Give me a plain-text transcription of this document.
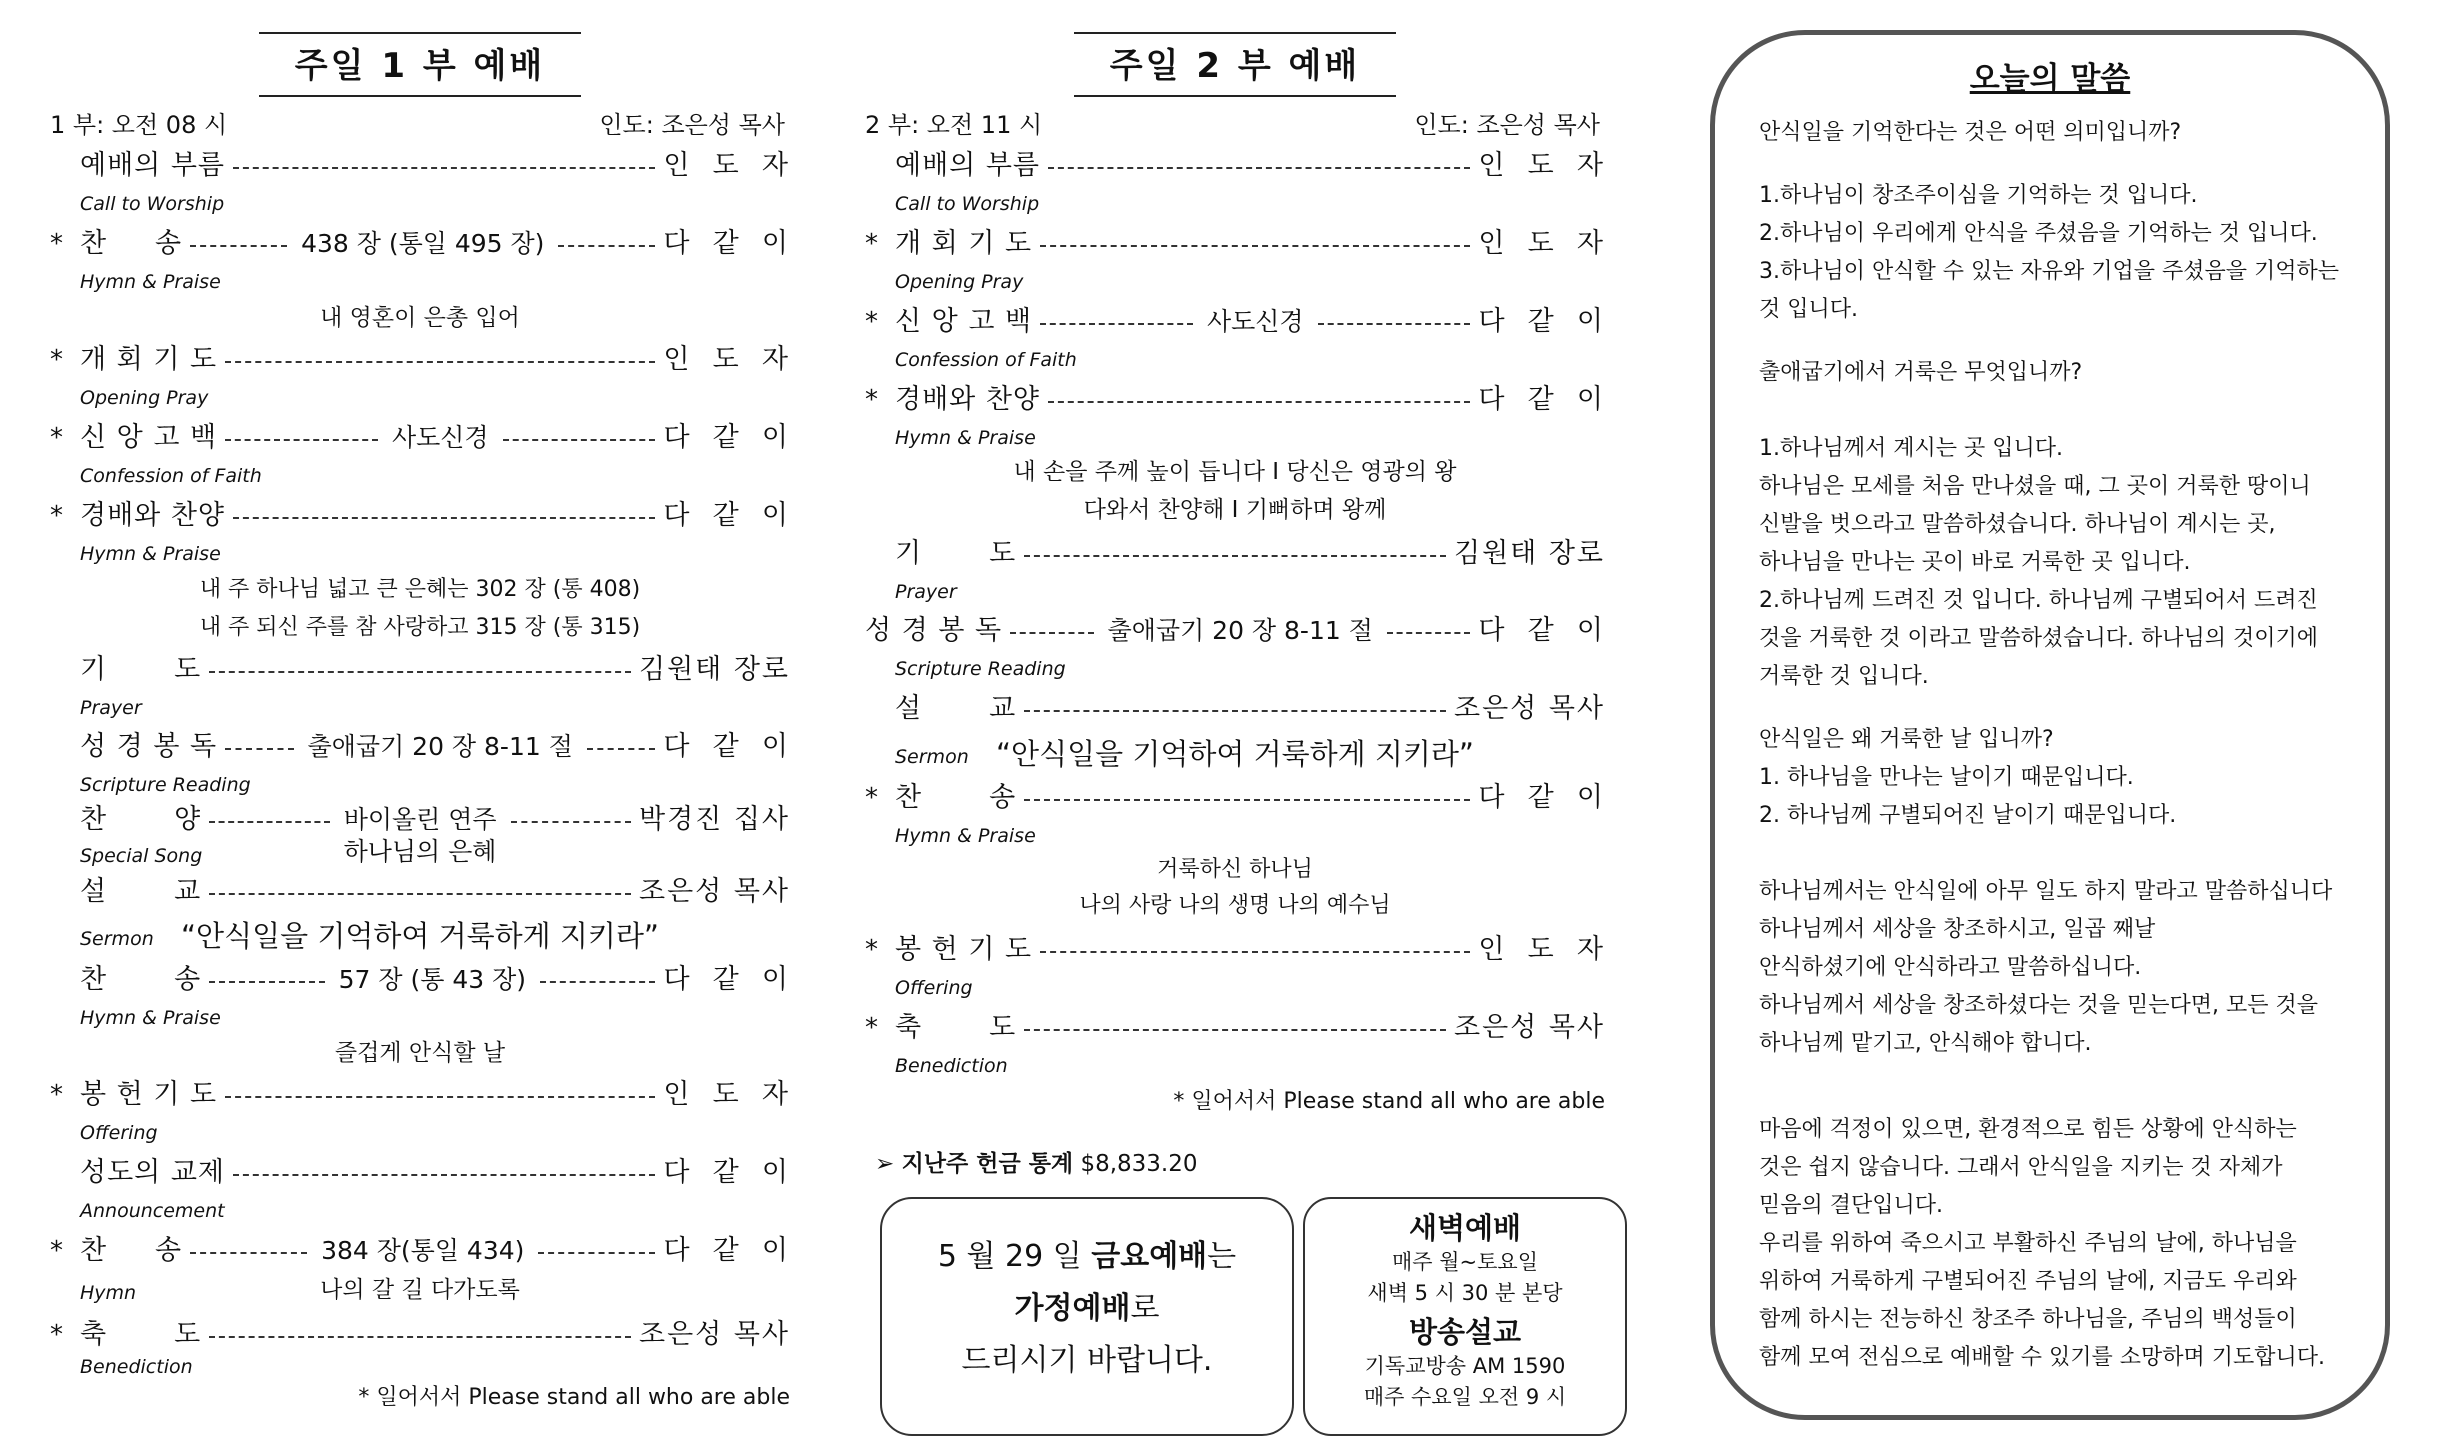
주일 1 부 예배
1 부: 오전 08 시	인도: 조은성 목사
예배의 부름	인  도  자
Call to Worship
* 찬     송	438 장 (통일 495 장)	다  같  이
Hymn & Praise
내 영혼이 은총 입어
* 개 회 기 도	인  도  자
Opening Pray
* 신 앙 고 백	사도신경	다  같  이
Confession of Faith
* 경배와 찬양	다  같  이
Hymn & Praise
내 주 하나님 넓고 큰 은혜는 302 장 (통 408)
내 주 되신 주를 참 사랑하고 315 장 (통 315)
기       도	김원태 장로
Prayer
성 경 봉 독	출애굽기 20 장 8-11 절	다  같  이
Scripture Reading
찬       양	바이올린 연주	박경진 집사
Special Song	하나님의 은혜
설       교	조은성 목사
Sermon “안식일을 기억하여 거룩하게 지키라”
찬       송	57 장 (통 43 장)	다  같  이
Hymn & Praise
즐겁게 안식할 날
* 봉 헌 기 도	인  도  자
Offering
성도의 교제	다  같  이
Announcement
* 찬     송	384 장(통일 434)	다  같  이
Hymn	나의 갈 길 다가도록
* 축       도	조은성 목사
Benediction
* 일어서서 Please stand all who are able
주일 2 부 예배
2 부: 오전 11 시	인도: 조은성 목사
예배의 부름	인  도  자
Call to Worship
* 개 회 기 도	인  도  자
Opening Pray
* 신 앙 고 백	사도신경	다  같  이
Confession of Faith
* 경배와 찬양	다  같  이
Hymn & Praise
내 손을 주께 높이 듭니다 I 당신은 영광의 왕
다와서 찬양해 I 기뻐하며 왕께
기       도	김원태 장로
Prayer
성 경 봉 독	출애굽기 20 장 8-11 절	다  같  이
Scripture Reading
설       교	조은성 목사
Sermon “안식일을 기억하여 거룩하게 지키라”
* 찬       송	다  같  이
Hymn & Praise
거룩하신 하나님
나의 사랑 나의 생명 나의 예수님
* 봉 헌 기 도	인  도  자
Offering
* 축       도	조은성 목사
Benediction
* 일어서서 Please stand all who are able
➢ 지난주 헌금 통계 $8,833.20
5 월 29 일 금요예배는
가정예배로
드리시기 바랍니다.
새벽예배
매주 월~토요일
새벽 5 시 30 분 본당
방송설교
기독교방송 AM 1590
매주 수요일 오전 9 시
오늘의 말씀
안식일을 기억한다는 것은 어떤 의미입니까?
1.하나님이 창조주이심을 기억하는 것 입니다.
2.하나님이 우리에게 안식을 주셨음을 기억하는 것 입니다.
3.하나님이 안식할 수 있는 자유와 기업을 주셨음을 기억하는
것 입니다.
출애굽기에서 거룩은 무엇입니까?
1.하나님께서 계시는 곳 입니다.
하나님은 모세를 처음 만나셨을 때, 그 곳이 거룩한 땅이니
신발을 벗으라고 말씀하셨습니다. 하나님이 계시는 곳,
하나님을 만나는 곳이 바로 거룩한 곳 입니다.
2.하나님께 드려진 것 입니다. 하나님께 구별되어서 드려진
것을 거룩한 것 이라고 말씀하셨습니다. 하나님의 것이기에
거룩한 것 입니다.
안식일은 왜 거룩한 날 입니까?
1. 하나님을 만나는 날이기 때문입니다.
2. 하나님께 구별되어진 날이기 때문입니다.
하나님께서는 안식일에 아무 일도 하지 말라고 말씀하십니다
하나님께서 세상을 창조하시고, 일곱 째날
안식하셨기에 안식하라고 말씀하십니다.
하나님께서 세상을 창조하셨다는 것을 믿는다면, 모든 것을
하나님께 맡기고, 안식해야 합니다.
마음에 걱정이 있으면, 환경적으로 힘든 상황에 안식하는
것은 쉽지 않습니다. 그래서 안식일을 지키는 것 자체가
믿음의 결단입니다.
우리를 위하여 죽으시고 부활하신 주님의 날에, 하나님을
위하여 거룩하게 구별되어진 주님의 날에, 지금도 우리와
함께 하시는 전능하신 창조주 하나님을, 주님의 백성들이
함께 모여 전심으로 예배할 수 있기를 소망하며 기도합니다.
